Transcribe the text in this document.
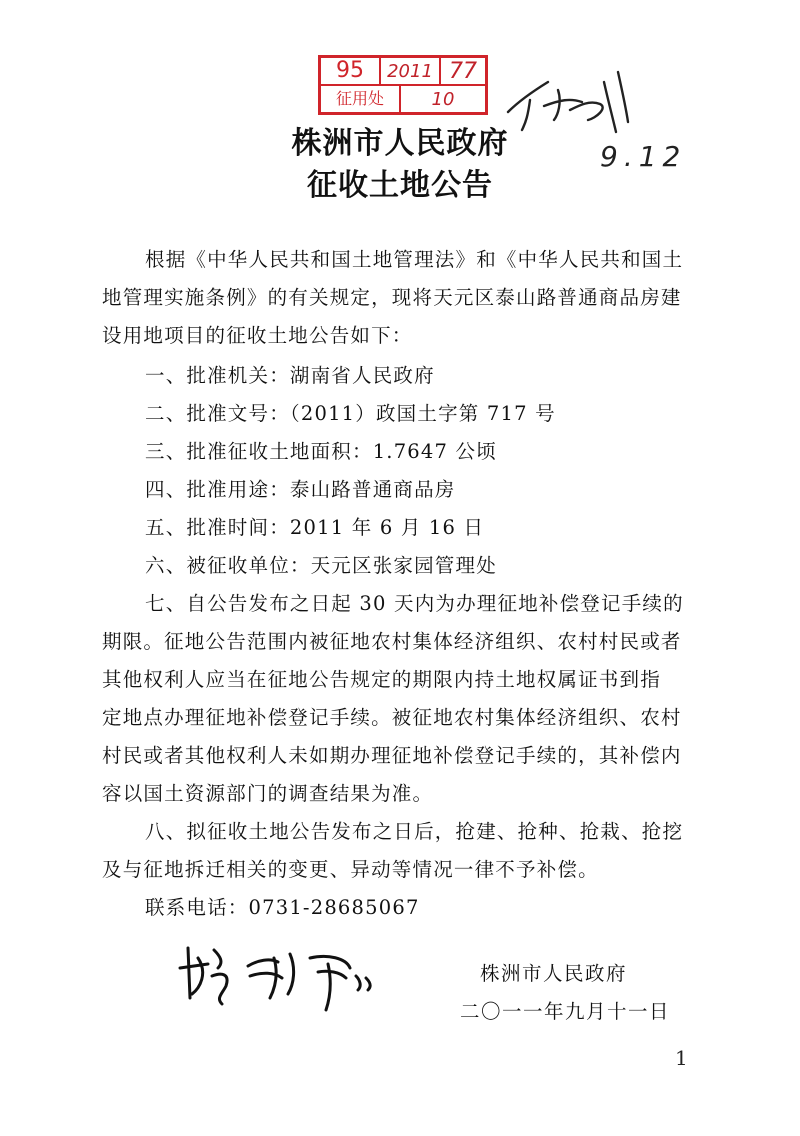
95	2011 77
征用处	10
9.12
株洲市人民政府
征收土地公告
根据《中华人民共和国土地管理法》和《中华人民共和国土
地管理实施条例》的有关规定，现将天元区泰山路普通商品房建
设用地项目的征收土地公告如下：
一、批准机关：湖南省人民政府
二、批准文号：（2011）政国土字第 717 号
三、批准征收土地面积：1.7647 公顷
四、批准用途：泰山路普通商品房
五、批准时间：2011 年 6 月 16 日
六、被征收单位：天元区张家园管理处
七、自公告发布之日起 30 天内为办理征地补偿登记手续的
期限。征地公告范围内被征地农村集体经济组织、农村村民或者
其他权利人应当在征地公告规定的期限内持土地权属证书到指
定地点办理征地补偿登记手续。被征地农村集体经济组织、农村
村民或者其他权利人未如期办理征地补偿登记手续的，其补偿内
容以国土资源部门的调查结果为准。
八、拟征收土地公告发布之日后，抢建、抢种、抢栽、抢挖
及与征地拆迁相关的变更、异动等情况一律不予补偿。
联系电话：0731-28685067
株洲市人民政府
二〇一一年九月十一日
1
